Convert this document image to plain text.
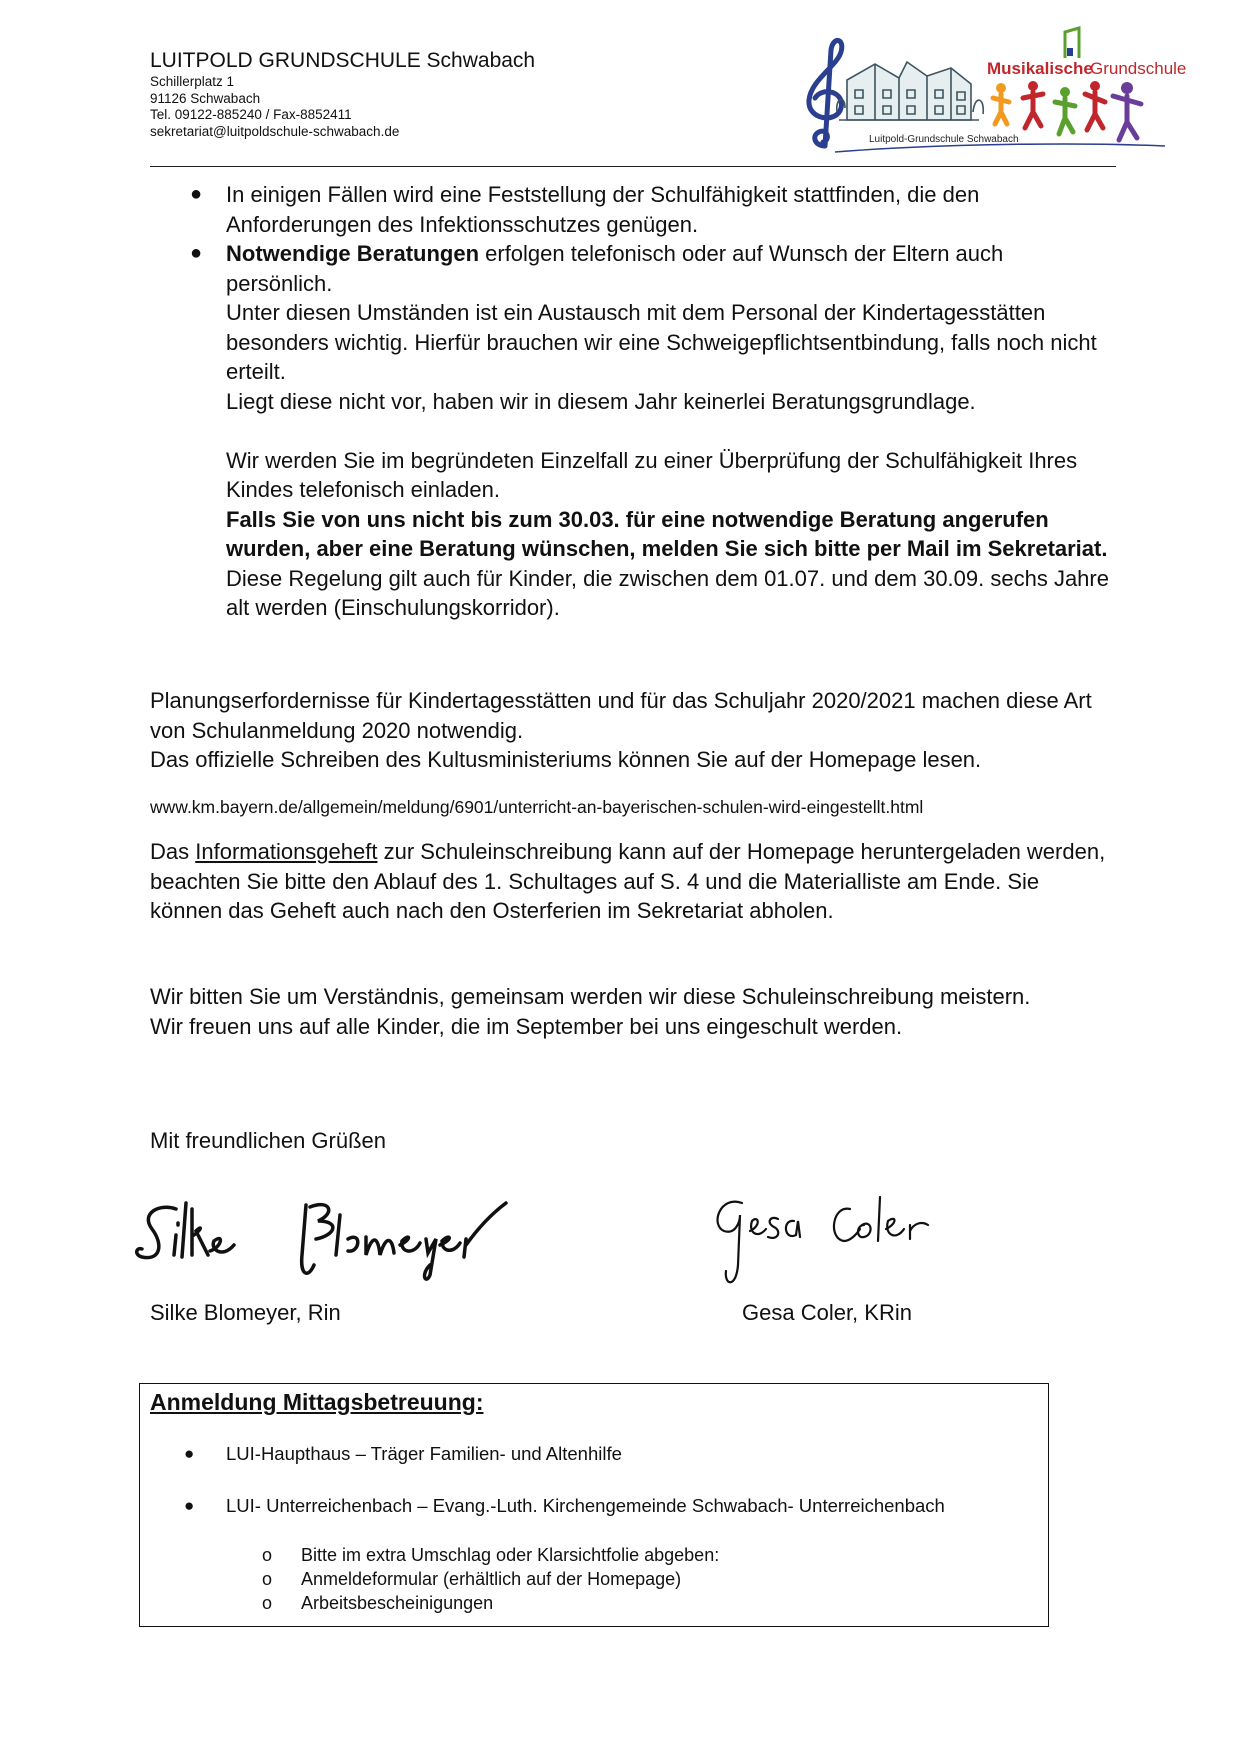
LUITPOLD GRUNDSCHULE Schwabach
Schillerplatz 1
91126 Schwabach
Tel. 09122-885240 / Fax-8852411
sekretariat@luitpoldschule-schwabach.de
Musikalische
Grundschule
Luitpold-Grundschule Schwabach
● In einigen Fällen wird eine Feststellung der Schulfähigkeit stattfinden, die den Anforderungen des Infektionsschutzes genügen.
● Notwendige Beratungen erfolgen telefonisch oder auf Wunsch der Eltern auch persönlich.
Unter diesen Umständen ist ein Austausch mit dem Personal der Kindertagesstätten besonders wichtig. Hierfür brauchen wir eine Schweigepflichtsentbindung, falls noch nicht erteilt.
Liegt diese nicht vor, haben wir in diesem Jahr keinerlei Beratungsgrundlage.
Wir werden Sie im begründeten Einzelfall zu einer Überprüfung der Schulfähigkeit Ihres Kindes telefonisch einladen.
Falls Sie von uns nicht bis zum 30.03. für eine notwendige Beratung angerufen wurden, aber eine Beratung wünschen, melden Sie sich bitte per Mail im Sekretariat.
Diese Regelung gilt auch für Kinder, die zwischen dem 01.07. und dem 30.09. sechs Jahre alt werden (Einschulungskorridor).
Planungserfordernisse für Kindertagesstätten und für das Schuljahr 2020/2021 machen diese Art von Schulanmeldung 2020 notwendig.
Das offizielle Schreiben des Kultusministeriums können Sie auf der Homepage lesen.
www.km.bayern.de/allgemein/meldung/6901/unterricht-an-bayerischen-schulen-wird-eingestellt.html
Das Informationsgeheft zur Schuleinschreibung kann auf der Homepage heruntergeladen werden, beachten Sie bitte den Ablauf des 1. Schultages auf S. 4 und die Materialliste am Ende. Sie können das Geheft auch nach den Osterferien im Sekretariat abholen.
Wir bitten Sie um Verständnis, gemeinsam werden wir diese Schuleinschreibung meistern.
Wir freuen uns auf alle Kinder, die im September bei uns eingeschult werden.
Mit freundlichen Grüßen
Silke Blomeyer, Rin	Gesa Coler, KRin
Anmeldung Mittagsbetreuung:
● LUI-Haupthaus – Träger Familien- und Altenhilfe
● LUI- Unterreichenbach – Evang.-Luth. Kirchengemeinde Schwabach- Unterreichenbach
o Bitte im extra Umschlag oder Klarsichtfolie abgeben:
o Anmeldeformular (erhältlich auf der Homepage)
o Arbeitsbescheinigungen
